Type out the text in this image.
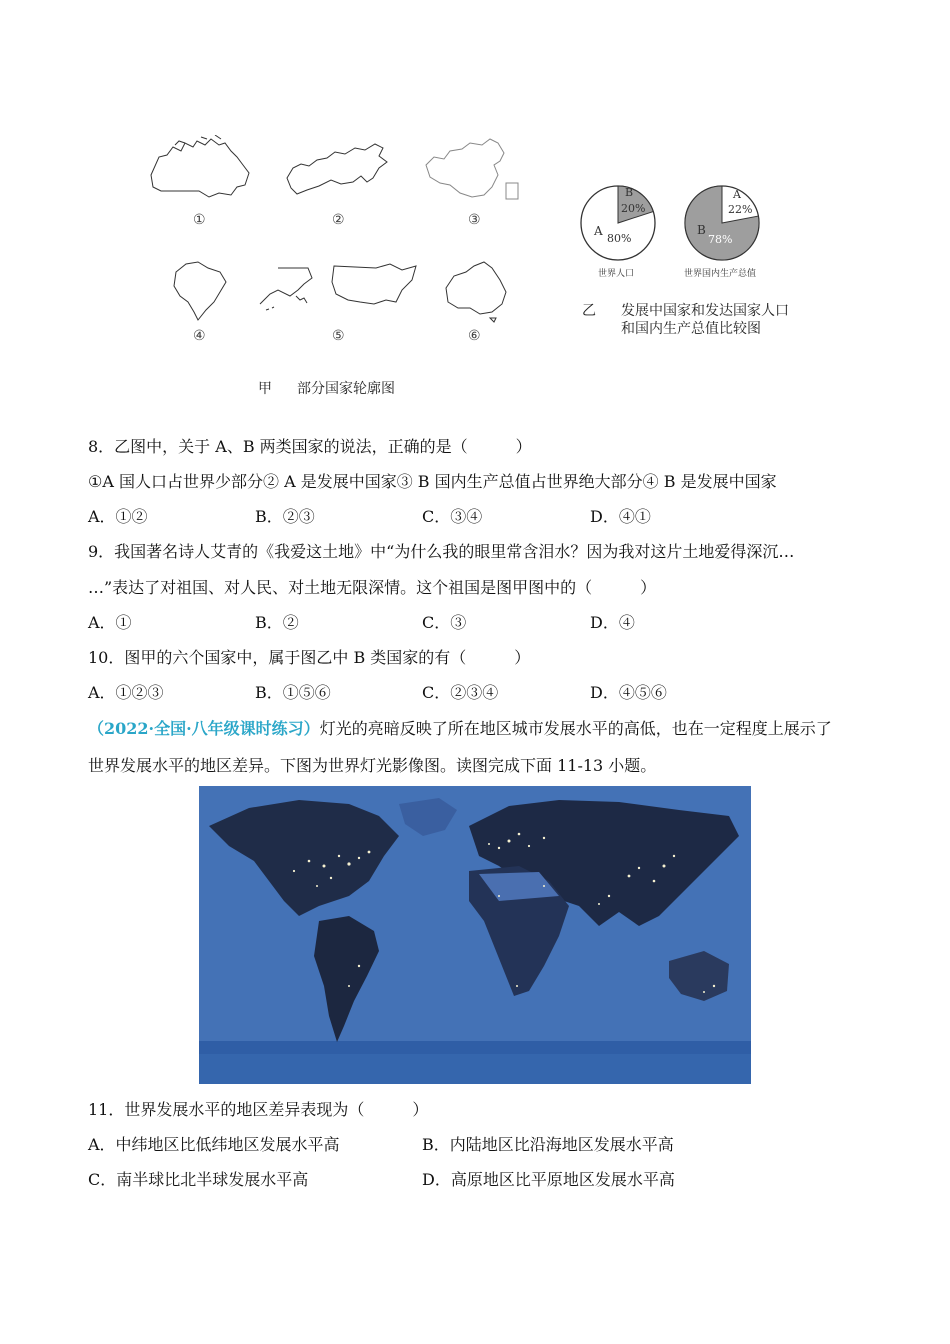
①	②	③
④	⑤	⑥
甲 部分国家轮廓图
B
20%
A
80%
世界人口
A
22%
B
78%
世界国内生产总值
乙 发展中国家和发达国家人口
和国内生产总值比较图
8．乙图中，关于 A、B 两类国家的说法，正确的是（　　　）
①A 国人口占世界少部分② A 是发展中国家③ B 国内生产总值占世界绝大部分④ B 是发展中国家
A．①②	B．②③	C．③④	D．④①
9．我国著名诗人艾青的《我爱这土地》中“为什么我的眼里常含泪水？因为我对这片土地爱得深沉…
…”表达了对祖国、对人民、对土地无限深情。这个祖国是图甲图中的（　　　）
A．①	B．②	C．③	D．④
10．图甲的六个国家中，属于图乙中 B 类国家的有（　　　）
A．①②③	B．①⑤⑥	C．②③④	D．④⑤⑥
（2022·全国·八年级课时练习）灯光的亮暗反映了所在地区城市发展水平的高低，也在一定程度上展示了
世界发展水平的地区差异。下图为世界灯光影像图。读图完成下面 11-13 小题。
11．世界发展水平的地区差异表现为（　　　）
A．中纬地区比低纬地区发展水平高	B．内陆地区比沿海地区发展水平高
C．南半球比北半球发展水平高	D．高原地区比平原地区发展水平高
